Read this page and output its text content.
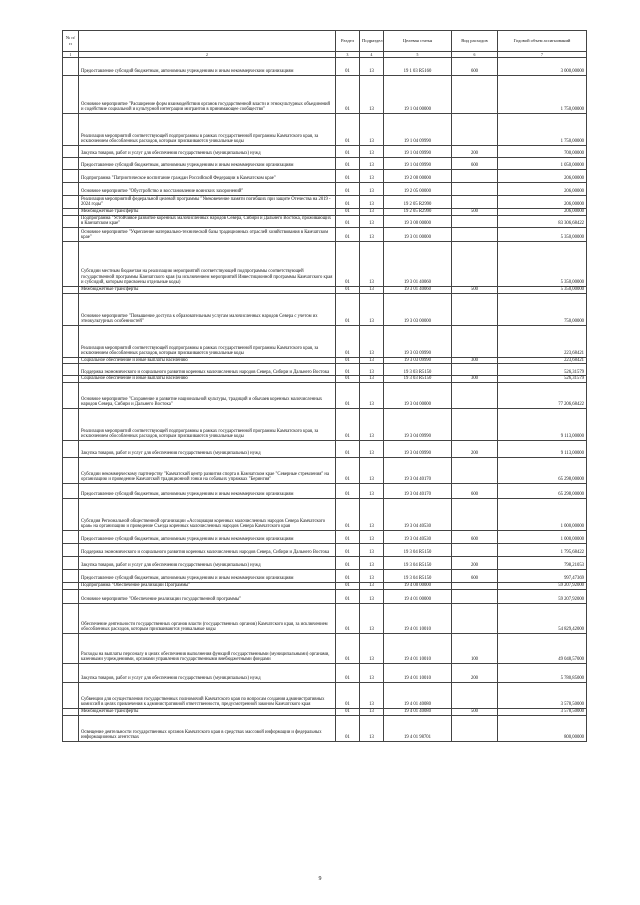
№ п/п		Раздел	Подраздел	Целевая статья	Вид расходов	Годовой объем ассигнований
1	2	3	4	5	6	7
	Предоставление субсидий бюджетным, автономным учреждениям и иным некоммерческим организациям	01	13	19 1 03 R5160	600	3 000,00000
	Основное мероприятие "Расширение форм взаимодействия органов государственной власти и этнокультурных объединений и содействие социальной и культурной интеграции мигрантов в принимающее сообщество"	01	13	19 1 04 00000		1 750,00000
	Реализация мероприятий соответствующей подпрограммы в рамках государственной программы Камчатского края, за исключением обособленных расходов, которым присваиваются уникальные коды	01	13	19 1 04 09990		1 750,00000
	Закупка товаров, работ и услуг для обеспечения государственных (муниципальных) нужд	01	13	19 1 04 09990	200	700,00000
	Предоставление субсидий бюджетным, автономным учреждениям и иным некоммерческим организациям	01	13	19 1 04 09990	600	1 050,00000
	Подпрограмма "Патриотическое воспитание граждан Российской Федерации в Камчатском крае"	01	13	19 2 00 00000		206,00000
	Основное мероприятие "Обустройство и восстановление воинских захоронений"	01	13	19 2 05 00000		206,00000
	Реализация мероприятий федеральной целевой программы "Увековечение памяти погибших при защите Отечества на 2019 - 2024 годы"	01	13	19 2 05 R2990		206,00000
	Межбюджетные трансферты	01	13	19 2 05 R2990	500	206,00000
	Подпрограмма "Устойчивое развитие коренных малочисленных народов Севера, Сибири и Дальнего Востока, проживающих в Камчатском крае"	01	13	19 3 00 00000		83 306,68422
	Основное мероприятие "Укрепление материально-технической базы традиционных отраслей хозяйствования в Камчатском крае"	01	13	19 3 01 00000		5 350,00000
	Субсидии местным бюджетам на реализацию мероприятий соответствующей подпрограммы соответствующей государственной программы Камчатского края (за исключением мероприятий Инвестиционной программы Камчатского края и субсидий, которым присвоены отдельные коды)	01	13	19 3 01 40060		5 350,00000
	Межбюджетные трансферты	01	13	19 3 01 40060	500	5 350,00000
	Основное мероприятие "Повышение доступа к образовательным услугам малочисленных народов Севера с учетом их этнокультурных особенностей"	01	13	19 3 03 00000		750,00000
	Реализация мероприятий соответствующей подпрограммы в рамках государственной программы Камчатского края, за исключением обособленных расходов, которым присваиваются уникальные коды	01	13	19 3 03 09990		223,68421
	Социальное обеспечение и иные выплаты населению	01	13	19 3 03 09990	300	223,68421
	Поддержка экономического и социального развития коренных малочисленных народов Севера, Сибири и Дальнего Востока	01	13	19 3 03 R5150		526,31579
	Социальное обеспечение и иные выплаты населению	01	13	19 3 03 R5150	300	526,31579
	Основное мероприятие "Сохранение и развитие национальной культуры, традиций и обычаев коренных малочисленных народов Севера, Сибири и Дальнего Востока"	01	13	19 3 04 00000		77 206,68422
	Реализация мероприятий соответствующей подпрограммы в рамках государственной программы Камчатского края, за исключением обособленных расходов, которым присваиваются уникальные коды	01	13	19 3 04 09990		9 113,00000
	Закупка товаров, работ и услуг для обеспечения государственных (муниципальных) нужд	01	13	19 3 04 09990	200	9 113,00000
	Субсидии некоммерческому партнерству "Камчатский центр развития спорта в Камчатском крае "Северные стремления" на организацию и проведение Камчатской традиционной гонки на собачьих упряжках "Берингия"	01	13	19 3 04 40170		65 298,00000
	Предоставление субсидий бюджетным, автономным учреждениям и иным некоммерческим организациям	01	13	19 3 04 40170	600	65 298,00000
	Субсидия Региональной общественной организации «Ассоциация коренных малочисленных народов Севера Камчатского края» на организацию и проведение Съезда коренных малочисленных народов Севера Камчатского края	01	13	19 3 04 40530		1 000,00000
	Предоставление субсидий бюджетным, автономным учреждениям и иным некоммерческим организациям	01	13	19 3 04 40530	600	1 000,00000
	Поддержка экономического и социального развития коренных малочисленных народов Севера, Сибири и Дальнего Востока	01	13	19 3 04 R5150		1 795,68422
	Закупка товаров, работ и услуг для обеспечения государственных (муниципальных) нужд	01	13	19 3 04 R5150	200	798,21053
	Предоставление субсидий бюджетным, автономным учреждениям и иным некоммерческим организациям	01	13	19 3 04 R5150	600	997,47369
	Подпрограмма "Обеспечение реализации Программы"	01	13	19 4 00 00000		59 207,92000
	Основное мероприятие "Обеспечение реализации государственной программы"	01	13	19 4 01 00000		59 207,92000
	Обеспечение деятельности государственных органов власти (государственных органов) Камчатского края, за исключением обособленных расходов, которым присваиваются уникальные коды	01	13	19 4 01 10010		54 829,42000
	Расходы на выплаты персоналу в целях обеспечения выполнения функций государственными (муниципальными) органами, казенными учреждениями, органами управления государственными внебюджетными фондами	01	13	19 4 01 10010	100	49 048,57000
	Закупка товаров, работ и услуг для обеспечения государственных (муниципальных) нужд	01	13	19 4 01 10010	200	5 780,85000
	Субвенции для осуществления государственных полномочий Камчатского края по вопросам создания административных комиссий в целях привлечения к административной ответственности, предусмотренной законом Камчатского края	01	13	19 4 01 40080		3 578,50000
	Межбюджетные трансферты	01	13	19 4 01 40080	500	3 578,50000
	Освещение деятельности государственных органов Камчатского края в средствах массовой информации и федеральных информационных агентствах	01	13	19 4 01 98701		800,00000
9
